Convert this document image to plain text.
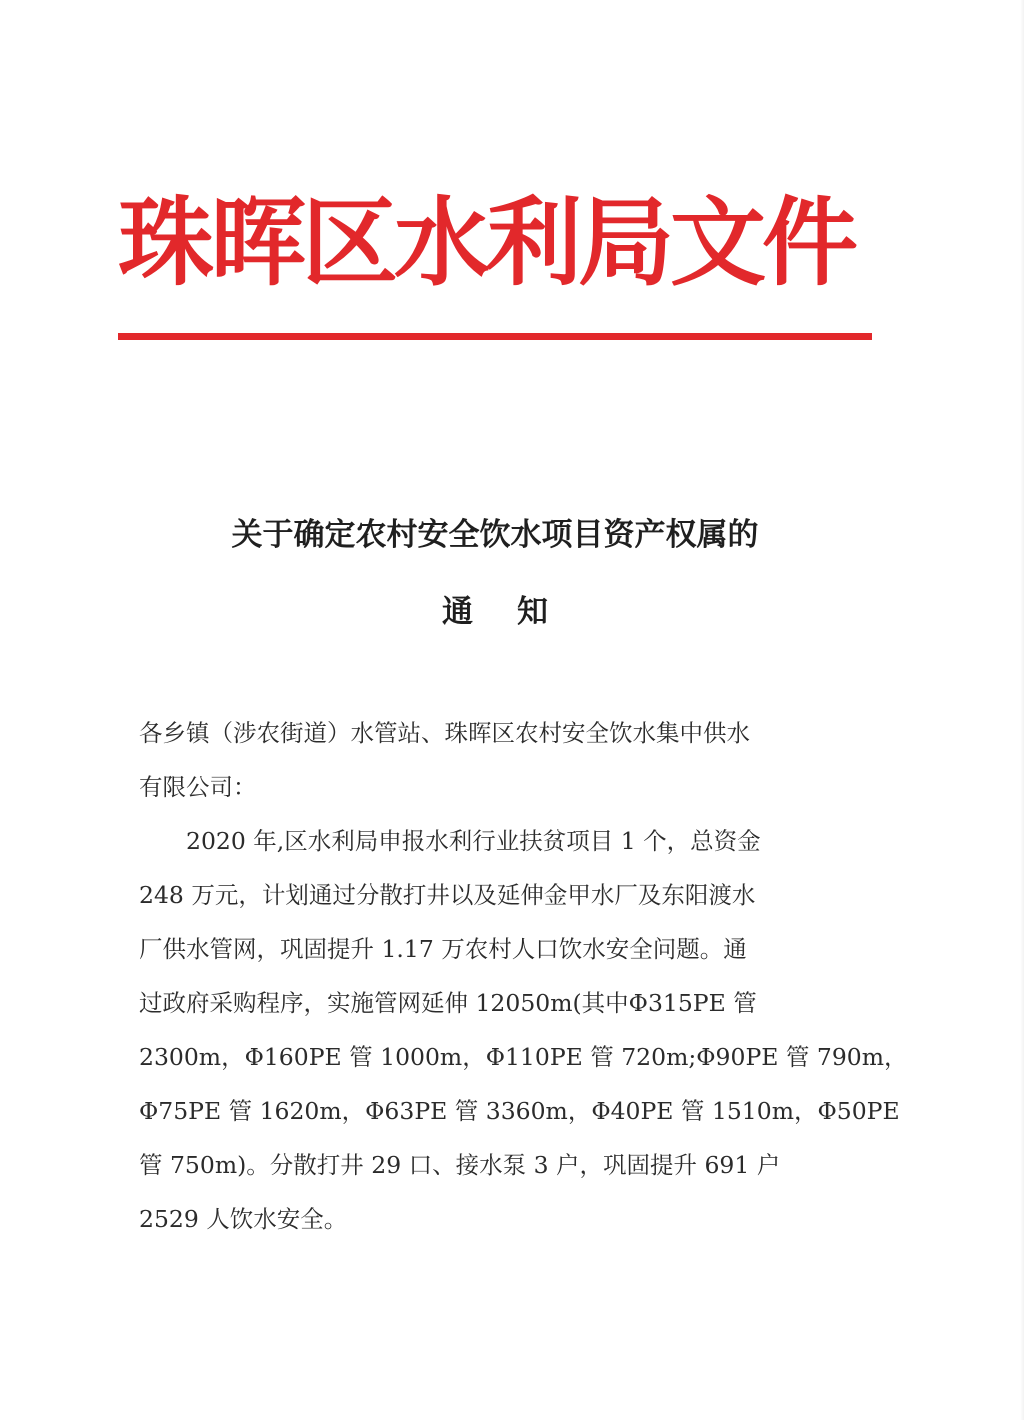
珠晖区水利局文件
关于确定农村安全饮水项目资产权属的
通知

各乡镇（涉农街道）水管站、珠晖区农村安全饮水集中供水
有限公司：

2020 年,区水利局申报水利行业扶贫项目 1 个，总资金
248 万元，计划通过分散打井以及延伸金甲水厂及东阳渡水
厂供水管网，巩固提升 1.17 万农村人口饮水安全问题。通
过政府采购程序，实施管网延伸 12050m(其中Φ315PE 管
2300m，Φ160PE 管 1000m，Φ110PE 管 720m;Φ90PE 管 790m，
Φ75PE 管 1620m，Φ63PE 管 3360m，Φ40PE 管 1510m，Φ50PE
管 750m)。分散打井 29 口、接水泵 3 户，巩固提升 691 户
2529 人饮水安全。
